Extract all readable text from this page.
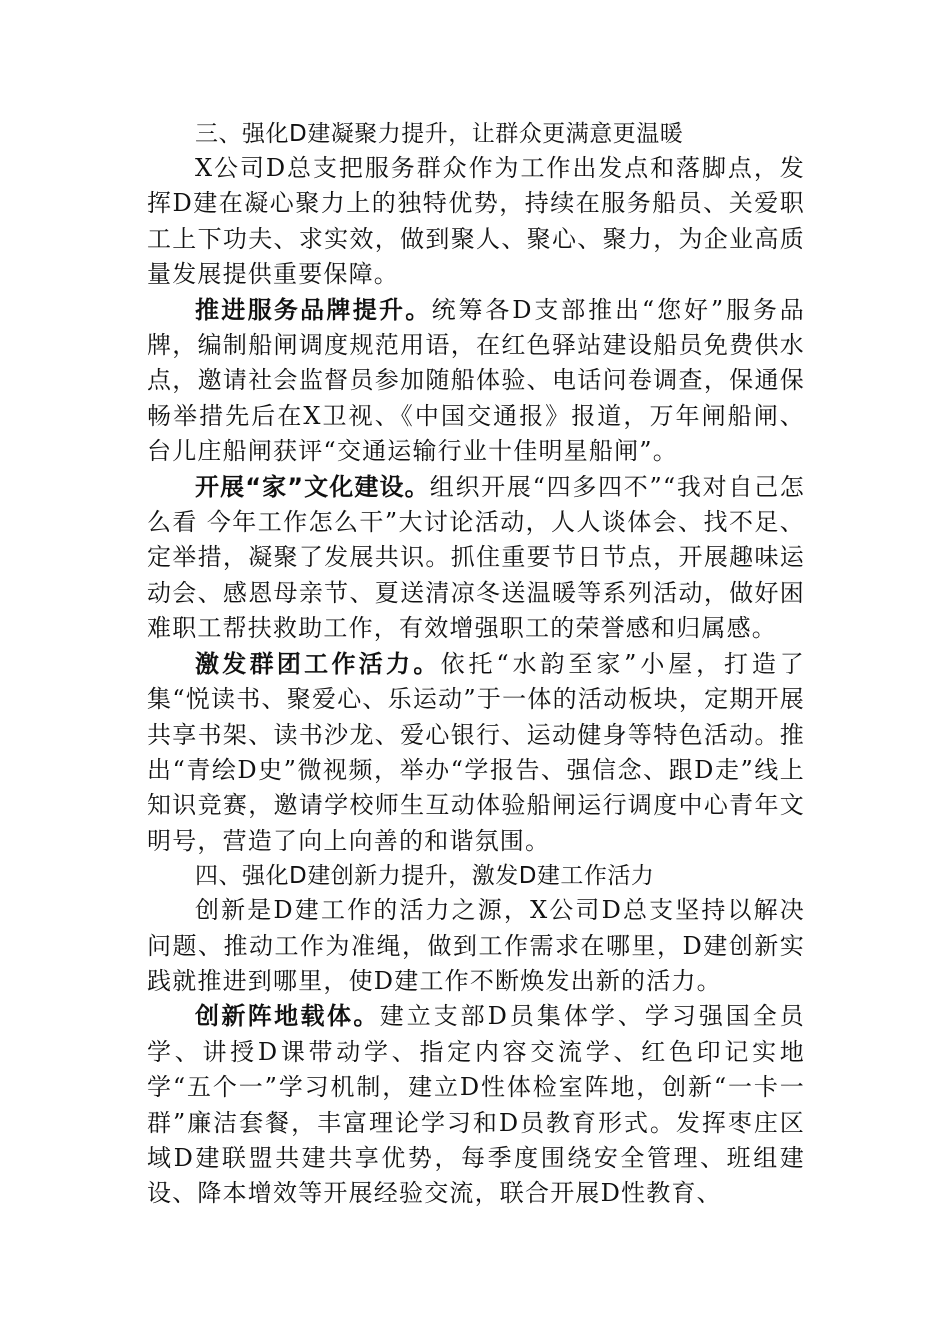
三、强化D建凝聚力提升，让群众更满意更温暖

X公司D总支把服务群众作为工作出发点和落脚点，发挥D建在凝心聚力上的独特优势，持续在服务船员、关爱职工上下功夫、求实效，做到聚人、聚心、聚力，为企业高质量发展提供重要保障。

推进服务品牌提升。统筹各D支部推出“您好”服务品牌，编制船闸调度规范用语，在红色驿站建设船员免费供水点，邀请社会监督员参加随船体验、电话问卷调查，保通保畅举措先后在X卫视、《中国交通报》报道，万年闸船闸、台儿庄船闸获评“交通运输行业十佳明星船闸”。

开展“家”文化建设。组织开展“四多四不”“我对自己怎么看 今年工作怎么干”大讨论活动，人人谈体会、找不足、定举措，凝聚了发展共识。抓住重要节日节点，开展趣味运动会、感恩母亲节、夏送清凉冬送温暖等系列活动，做好困难职工帮扶救助工作，有效增强职工的荣誉感和归属感。

激发群团工作活力。依托“水韵至家”小屋，打造了集“悦读书、聚爱心、乐运动”于一体的活动板块，定期开展共享书架、读书沙龙、爱心银行、运动健身等特色活动。推出“青绘D史”微视频，举办“学报告、强信念、跟D走”线上知识竞赛，邀请学校师生互动体验船闸运行调度中心青年文明号，营造了向上向善的和谐氛围。

四、强化D建创新力提升，激发D建工作活力

创新是D建工作的活力之源，X公司D总支坚持以解决问题、推动工作为准绳，做到工作需求在哪里，D建创新实践就推进到哪里，使D建工作不断焕发出新的活力。

创新阵地载体。建立支部D员集体学、学习强国全员学、讲授D课带动学、指定内容交流学、红色印记实地学“五个一”学习机制，建立D性体检室阵地，创新“一卡一群”廉洁套餐，丰富理论学习和D员教育形式。发挥枣庄区域D建联盟共建共享优势，每季度围绕安全管理、班组建设、降本增效等开展经验交流，联合开展D性教育、
